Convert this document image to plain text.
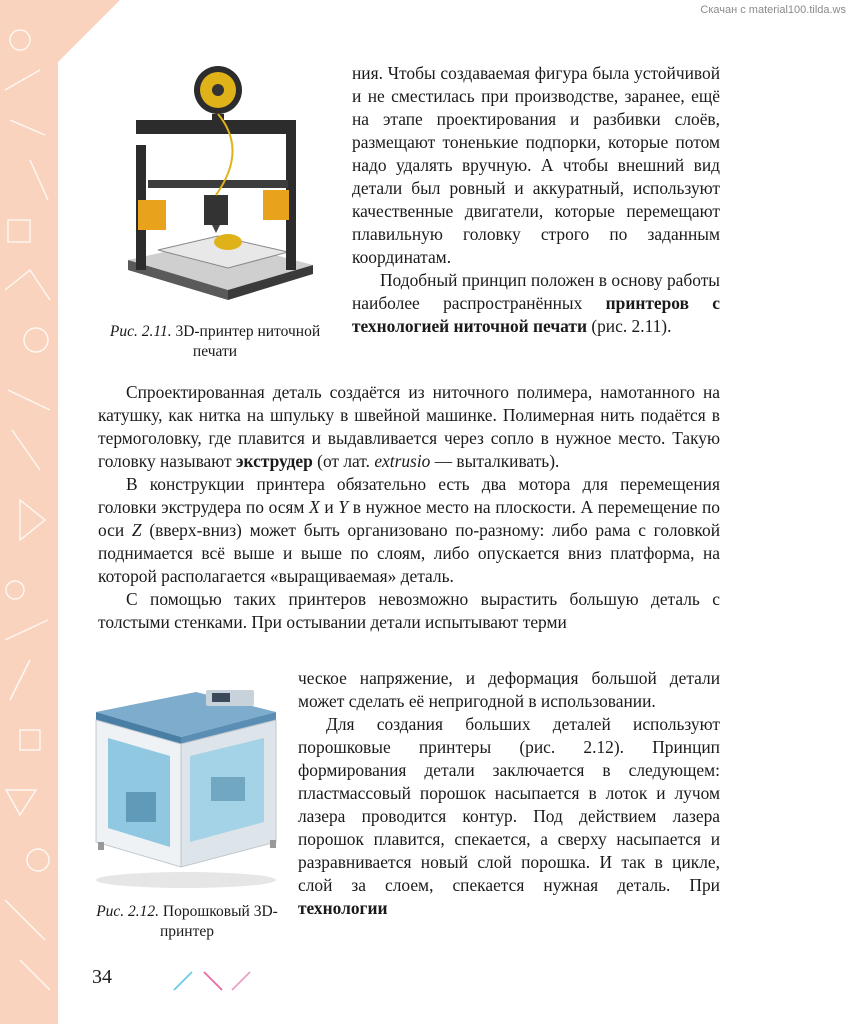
Скачан с material100.tilda.ws
Рис. 2.11. 3D-принтер ниточной печати

ния. Чтобы создаваемая фигура была устойчивой и не сместилась при производстве, заранее, ещё на этапе проектирования и разбивки слоёв, размещают тоненькие подпорки, которые потом надо удалять вручную. А чтобы внешний вид детали был ровный и аккуратный, используют качественные двигатели, которые перемещают плавильную головку строго по заданным координатам.

Подобный принцип положен в основу работы наиболее распространённых принтеров с технологией ниточной печати (рис. 2.11).

Спроектированная деталь создаётся из ниточного полимера, намотанного на катушку, как нитка на шпульку в швейной машинке. Полимерная нить подаётся в термоголовку, где плавится и выдавливается через сопло в нужное место. Такую головку называют экструдер (от лат. extrusio — выталкивать).

В конструкции принтера обязательно есть два мотора для перемещения головки экструдера по осям X и Y в нужное место на плоскости. А перемещение по оси Z (вверх-вниз) может быть организовано по-разному: либо рама с головкой поднимается всё выше и выше по слоям, либо опускается вниз платформа, на которой располагается «выращиваемая» деталь.

С помощью таких принтеров невозможно вырастить большую деталь с толстыми стенками. При остывании детали испытывают терми

Рис. 2.12. Порошковый 3D-принтер

ческое напряжение, и деформация большой детали может сделать её непригодной в использовании.

Для создания больших деталей используют порошковые принтеры (рис. 2.12). Принцип формирования детали заключается в следующем: пластмассовый порошок насыпается в лоток и лучом лазера проводится контур. Под действием лазера порошок плавится, спекается, а сверху насыпается и разравнивается новый слой порошка. И так в цикле, слой за слоем, спекается нужная деталь. При технологии

34
